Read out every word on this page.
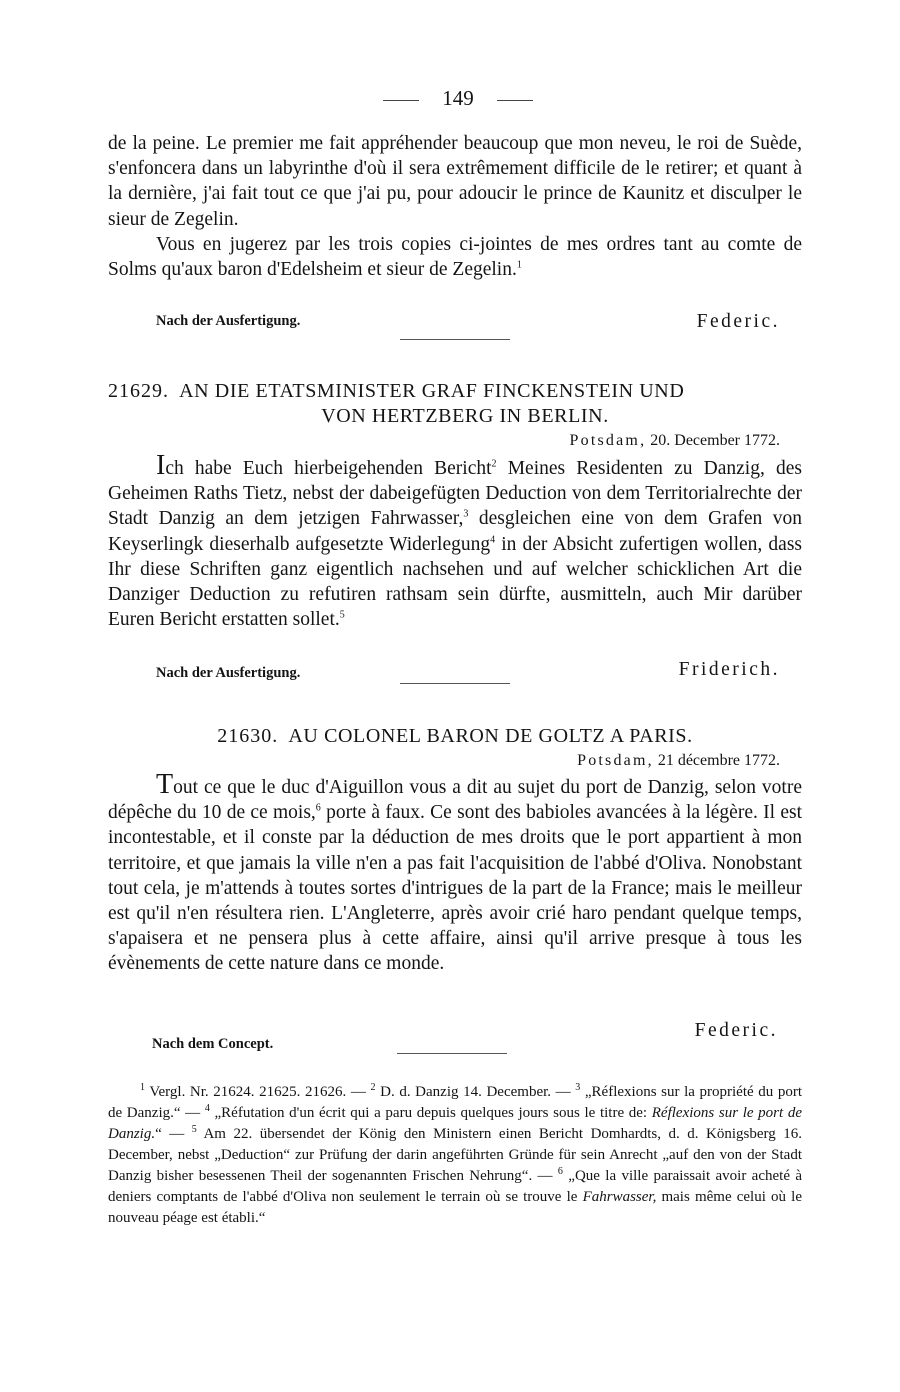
149

de la peine. Le premier me fait appréhender beaucoup que mon neveu, le roi de Suède, s'enfoncera dans un labyrinthe d'où il sera extrêmement difficile de le retirer; et quant à la dernière, j'ai fait tout ce que j'ai pu, pour adoucir le prince de Kaunitz et disculper le sieur de Zegelin.

Vous en jugerez par les trois copies ci-jointes de mes ordres tant au comte de Solms qu'aux baron d'Edelsheim et sieur de Zegelin.$^1$

Nach der Ausfertigung.	Federic.
21629. AN DIE ETATSMINISTER GRAF FINCKENSTEIN UND
VON HERTZBERG IN BERLIN.
Potsdam, 20. December 1772.

Ich habe Euch hierbeigehenden Bericht$^2$ Meines Residenten zu Danzig, des Geheimen Raths Tietz, nebst der dabeigefügten Deduction von dem Territorialrechte der Stadt Danzig an dem jetzigen Fahrwasser,$^3$ desgleichen eine von dem Grafen von Keyserlingk dieserhalb aufgesetzte Widerlegung$^4$ in der Absicht zufertigen wollen, dass Ihr diese Schriften ganz eigentlich nachsehen und auf welcher schicklichen Art die Danziger Deduction zu refutiren rathsam sein dürfte, ausmitteln, auch Mir darüber Euren Bericht erstatten sollet.$^5$

Nach der Ausfertigung.	Friderich.
21630. AU COLONEL BARON DE GOLTZ A PARIS.
Potsdam, 21 décembre 1772.

Tout ce que le duc d'Aiguillon vous a dit au sujet du port de Danzig, selon votre dépêche du 10 de ce mois,$^6$ porte à faux. Ce sont des babioles avancées à la légère. Il est incontestable, et il conste par la déduction de mes droits que le port appartient à mon territoire, et que jamais la ville n'en a pas fait l'acquisition de l'abbé d'Oliva. Nonobstant tout cela, je m'attends à toutes sortes d'intrigues de la part de la France; mais le meilleur est qu'il n'en résultera rien. L'Angleterre, après avoir crié haro pendant quelque temps, s'apaisera et ne pensera plus à cette affaire, ainsi qu'il arrive presque à tous les évènements de cette nature dans ce monde.

Nach dem Concept.
Federic.

$^1$ Vergl. Nr. 21624. 21625. 21626. — $^2$ D. d. Danzig 14. December. — $^3$ „Réflexions sur la propriété du port de Danzig.“ — $^4$ „Réfutation d'un écrit qui a paru depuis quelques jours sous le titre de: Réflexions sur le port de Danzig.“ — $^5$ Am 22. übersendet der König den Ministern einen Bericht Domhardts, d. d. Königsberg 16. December, nebst „Deduction“ zur Prüfung der darin angeführten Gründe für sein Anrecht „auf den von der Stadt Danzig bisher besessenen Theil der sogenannten Frischen Nehrung“. — $^6$ „Que la ville paraissait avoir acheté à deniers comptants de l'abbé d'Oliva non seulement le terrain où se trouve le Fahrwasser, mais même celui où le nouveau péage est établi.“
